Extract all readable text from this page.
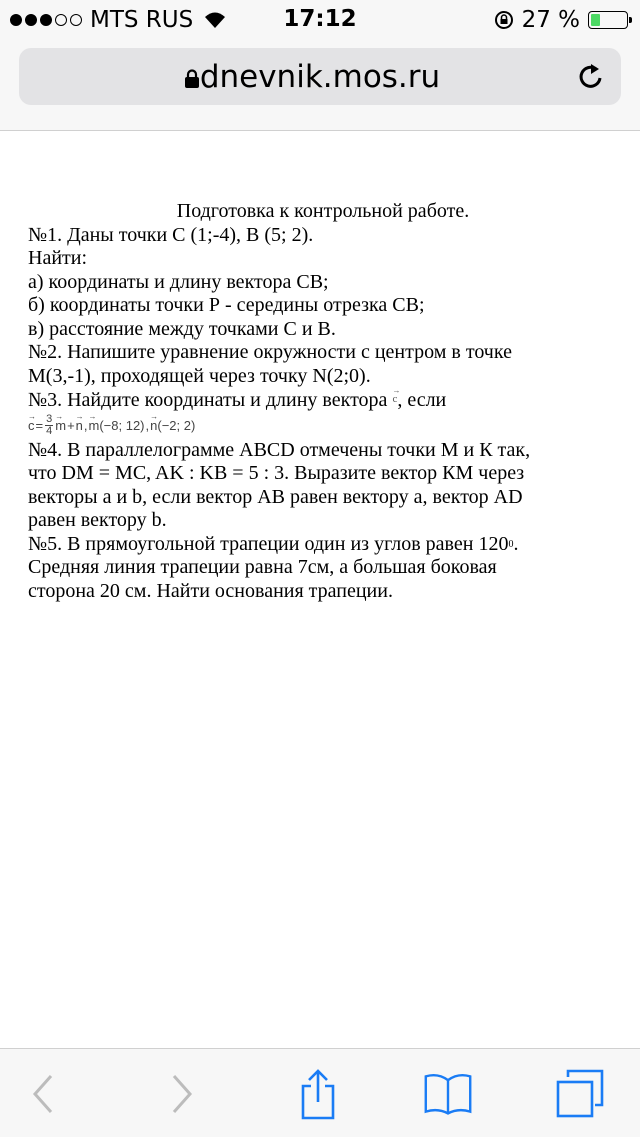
MTS RUS	17:12	27 %
dnevnik.mos.ru

Подготовка к контрольной работе.

№1. Даны точки С (1;-4), В (5; 2).

Найти:

а) координаты и длину вектора СВ;

б) координаты точки Р - середины отрезка СВ;

в) расстояние между точками С и В.

№2. Напишите уравнение окружности с центром в точке

М(3,-1), проходящей через точку N(2;0).

№3. Найдите координаты и длину вектора → c, если

→ $c = \frac{3}{4}$
→ m +
→ n ,
→ m(−8; 12) ,
→ n(−2; 2)

№4. В параллелограмме ABCD отмечены точки М и К так,

что DM = MC, AK : KB = 5 : 3. Выразите вектор КМ через

векторы a и b, если вектор AB равен вектору a, вектор AD

равен вектору b.

№5. В прямоугольной трапеции один из углов равен $120^0$.

Средняя линия трапеции равна 7см, а большая боковая

сторона 20 см. Найти основания трапеции.
